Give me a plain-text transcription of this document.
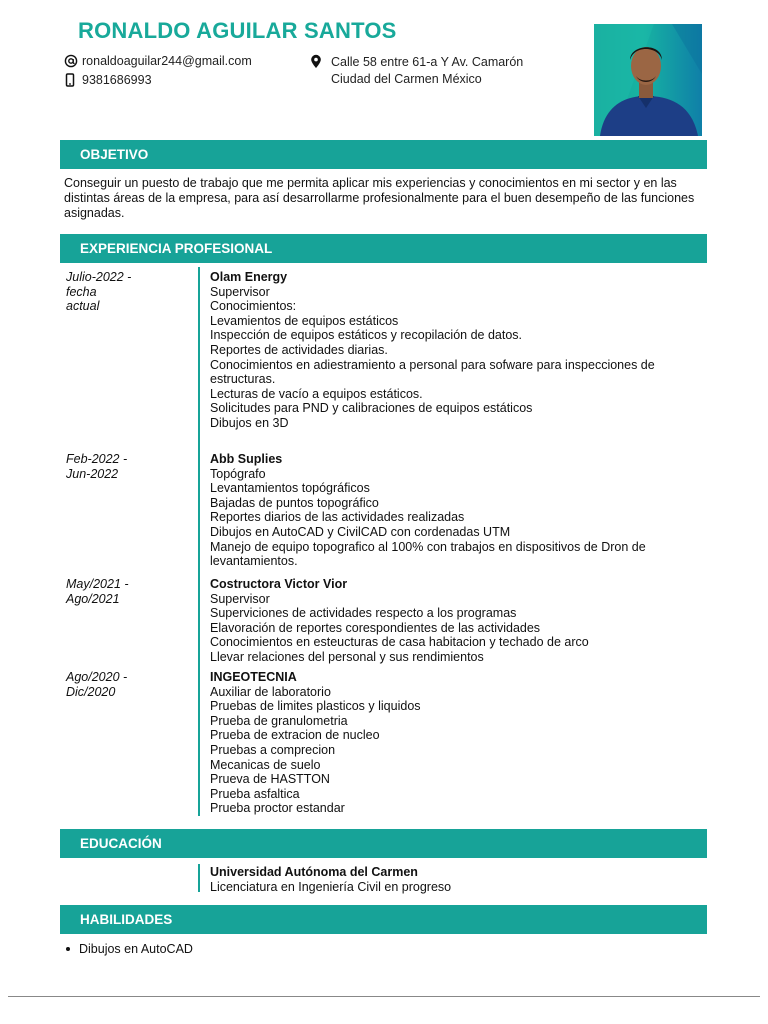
RONALDO AGUILAR SANTOS
ronaldoaguilar244@gmail.com
9381686993
Calle 58 entre 61-a Y Av. Camarón
Ciudad del Carmen México
OBJETIVO

Conseguir un puesto de trabajo que me permita aplicar mis experiencias y conocimientos en mi sector y en las distintas áreas de la empresa, para así desarrollarme profesionalmente para el buen desempeño de las funciones asignadas.

EXPERIENCIA PROFESIONAL
Julio-2022 -
fecha
actual
Olam Energy
Supervisor
Conocimientos:
Levamientos de equipos estáticos
Inspección de equipos estáticos y recopilación de datos.
Reportes de actividades diarias.
Conocimientos en adiestramiento a personal para sofware para inspecciones de estructuras.
Lecturas de vacío a equipos estáticos.
Solicitudes para PND y calibraciones de equipos estáticos
Dibujos en 3D
Feb-2022 -
Jun-2022
Abb Suplies
Topógrafo
Levantamientos topógráficos
Bajadas de puntos topográfico
Reportes diarios de las actividades realizadas
Dibujos en AutoCAD y CivilCAD con cordenadas UTM
Manejo de equipo topografico al 100% con trabajos en dispositivos de Dron de levantamientos.
May/2021 -
Ago/2021
Costructora Victor Vior
Supervisor
Superviciones de actividades respecto a los programas
Elavoración de reportes corespondientes de las actividades
Conocimientos en esteucturas de casa habitacion y techado de arco
Llevar relaciones del personal y sus rendimientos
Ago/2020 -
Dic/2020
INGEOTECNIA
Auxiliar de laboratorio
Pruebas de limites plasticos y liquidos
Prueba de granulometria
Prueba de extracion de nucleo
Pruebas a comprecion
Mecanicas de suelo
Prueva de HASTTON
Prueba asfaltica
Prueba proctor estandar
EDUCACIÓN
Universidad Autónoma del Carmen
Licenciatura en Ingeniería Civil en progreso
HABILIDADES
Dibujos en AutoCAD
